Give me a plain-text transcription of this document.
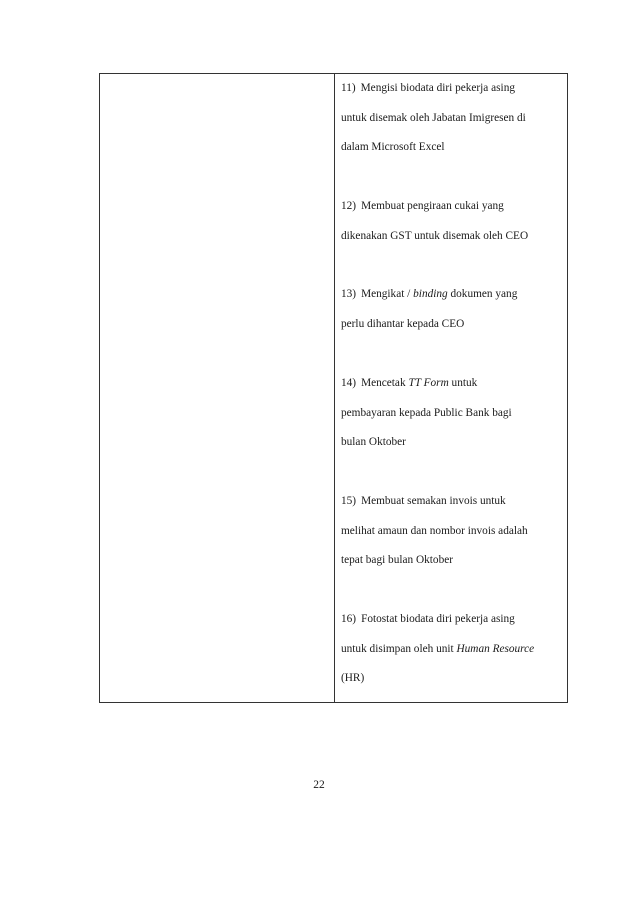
11) Mengisi biodata diri pekerja asing
untuk disemak oleh Jabatan Imigresen di
dalam Microsoft Excel
12) Membuat pengiraan cukai yang
dikenakan GST untuk disemak oleh CEO
13) Mengikat / binding dokumen yang
perlu dihantar kepada CEO
14) Mencetak TT Form untuk
pembayaran kepada Public Bank bagi
bulan Oktober
15) Membuat semakan invois untuk
melihat amaun dan nombor invois adalah
tepat bagi bulan Oktober
16) Fotostat biodata diri pekerja asing
untuk disimpan oleh unit Human Resource
(HR)
22
